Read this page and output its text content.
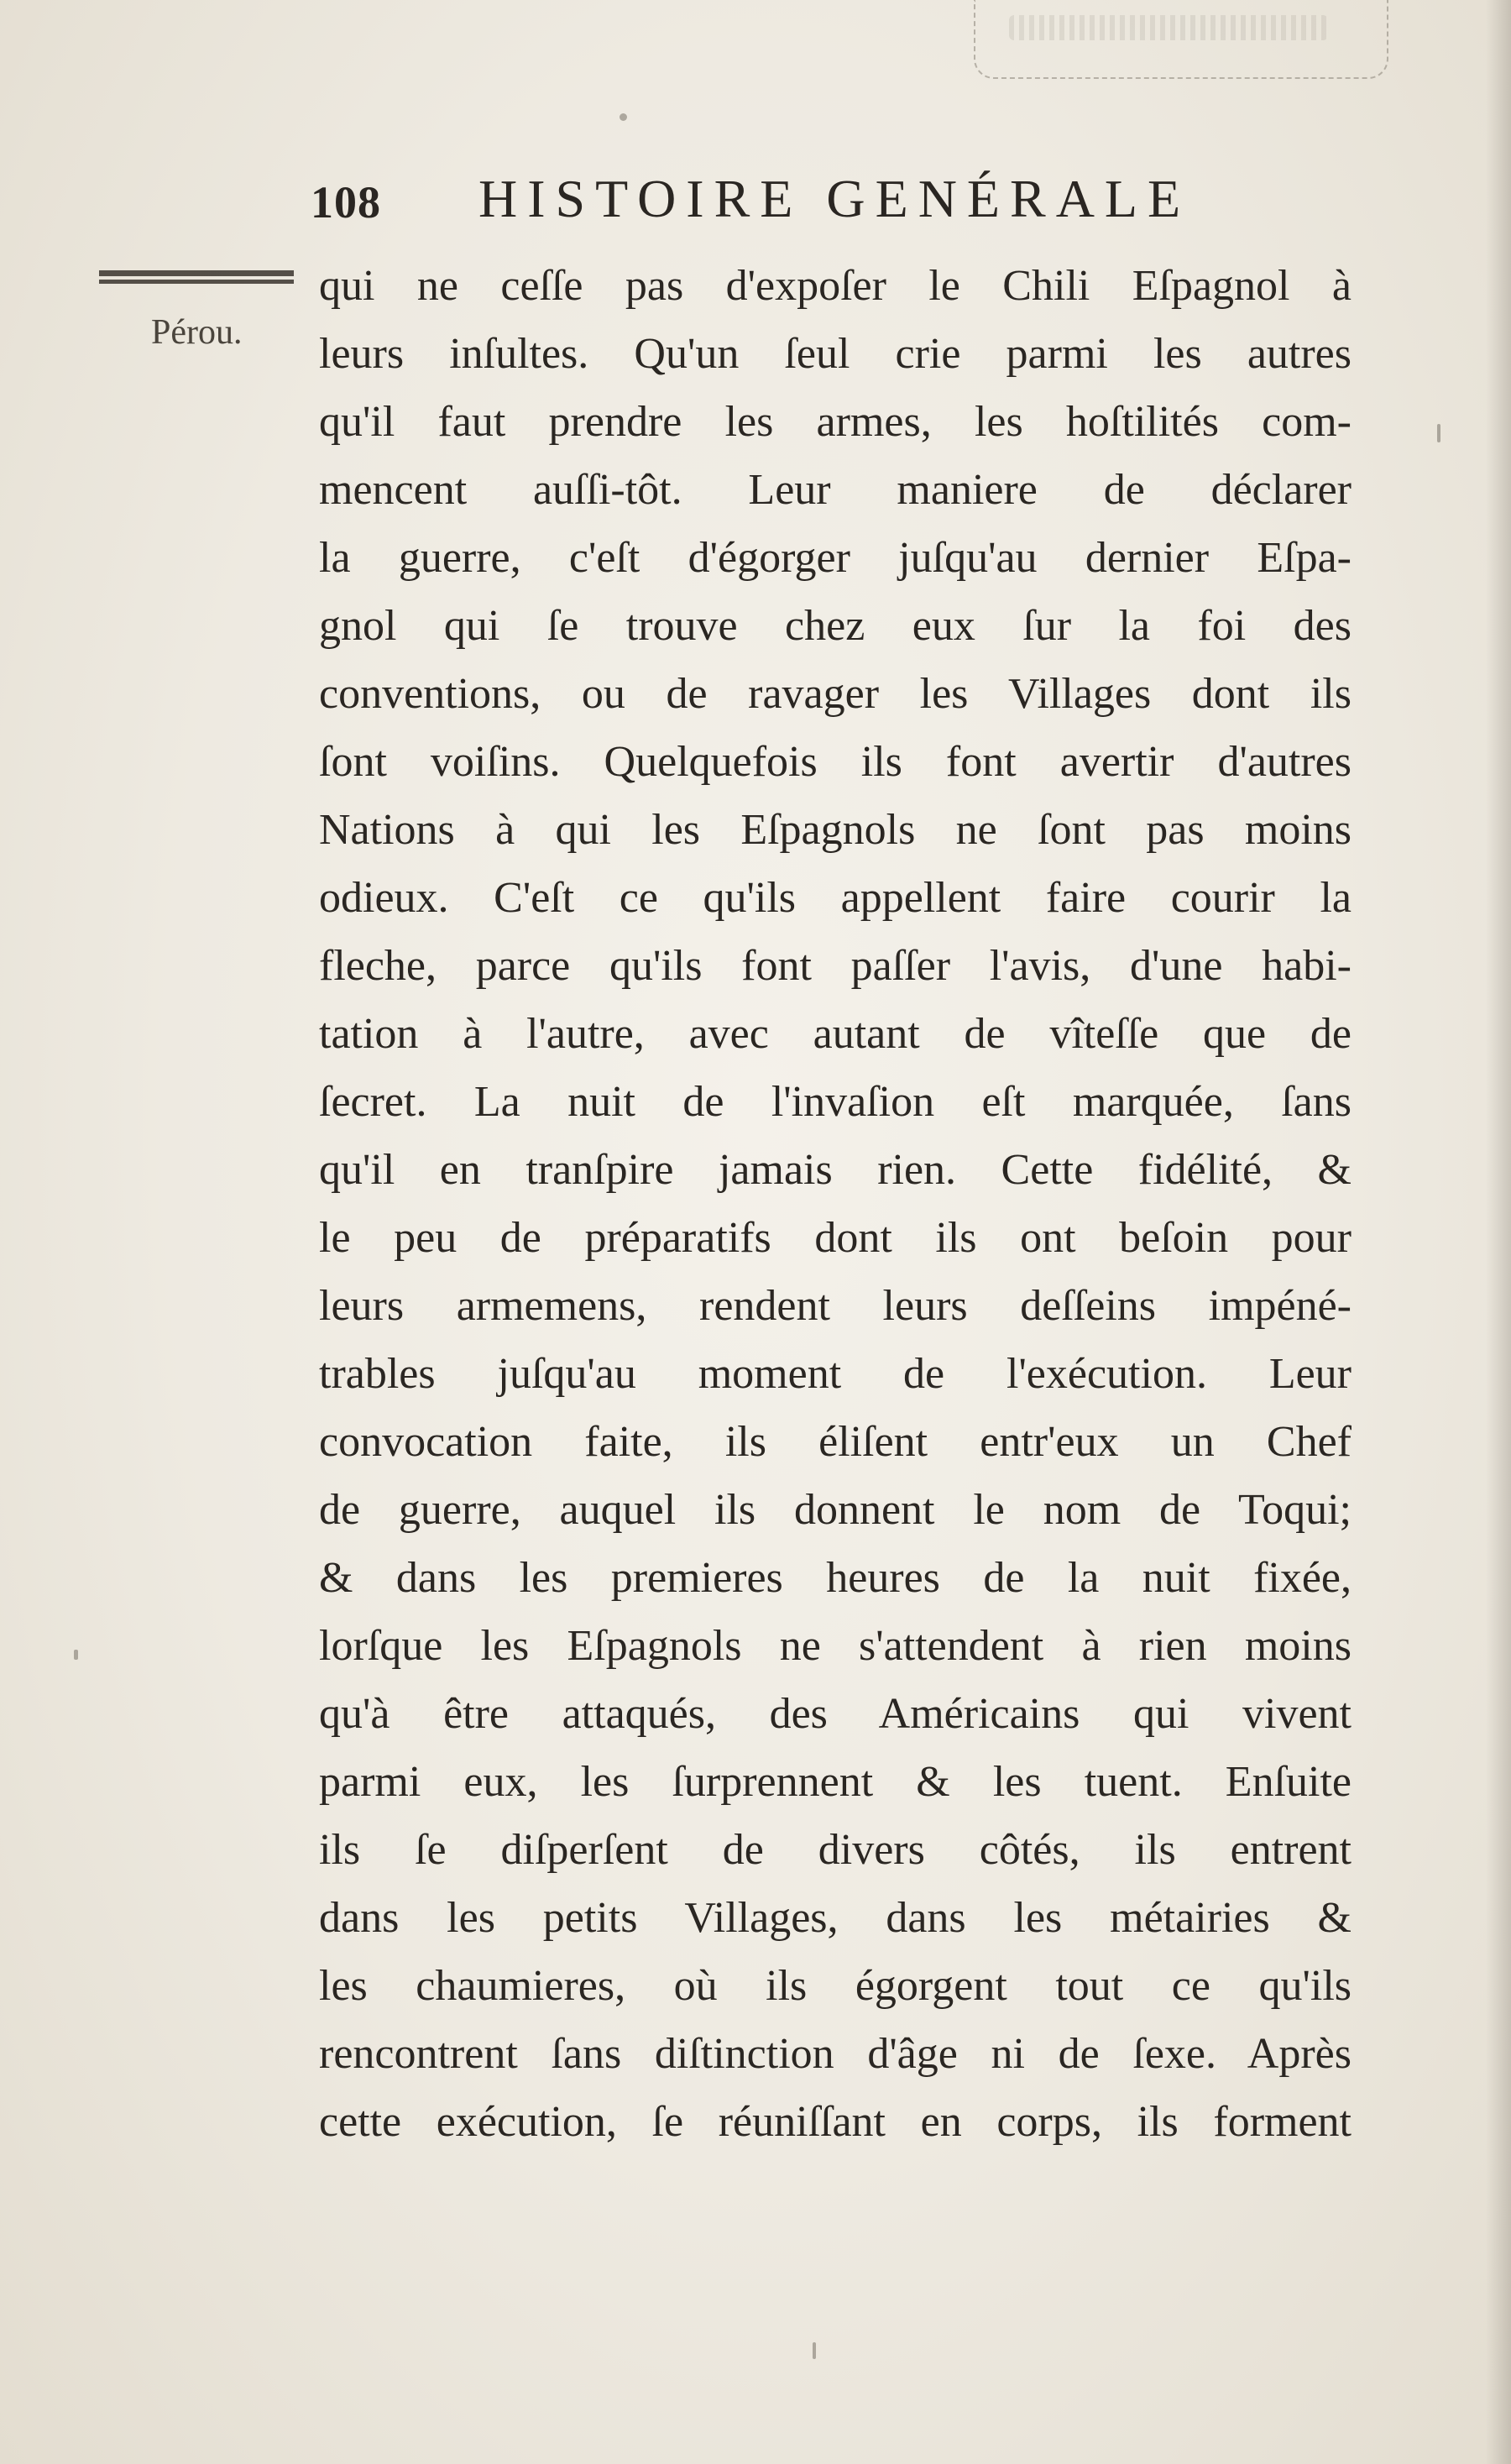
108 HISTOIRE GENÉRALE
Pérou.
qui ne ceſſe pas d'expoſer le Chili Eſpagnol à
leurs inſultes. Qu'un ſeul crie parmi les autres
qu'il faut prendre les armes, les hoſtilités com-
mencent auſſi-tôt. Leur maniere de déclarer
la guerre, c'eſt d'égorger juſqu'au dernier Eſpa-
gnol qui ſe trouve chez eux ſur la foi des
conventions, ou de ravager les Villages dont ils
ſont voiſins. Quelquefois ils font avertir d'autres
Nations à qui les Eſpagnols ne ſont pas moins
odieux. C'eſt ce qu'ils appellent faire courir la
fleche, parce qu'ils font paſſer l'avis, d'une habi-
tation à l'autre, avec autant de vîteſſe que de
ſecret. La nuit de l'invaſion eſt marquée, ſans
qu'il en tranſpire jamais rien. Cette fidélité, &
le peu de préparatifs dont ils ont beſoin pour
leurs armemens, rendent leurs deſſeins impéné-
trables juſqu'au moment de l'exécution. Leur
convocation faite, ils éliſent entr'eux un Chef
de guerre, auquel ils donnent le nom de Toqui;
& dans les premieres heures de la nuit fixée,
lorſque les Eſpagnols ne s'attendent à rien moins
qu'à être attaqués, des Américains qui vivent
parmi eux, les ſurprennent & les tuent. Enſuite
ils ſe diſperſent de divers côtés, ils entrent
dans les petits Villages, dans les métairies &
les chaumieres, où ils égorgent tout ce qu'ils
rencontrent ſans diſtinction d'âge ni de ſexe. Après
cette exécution, ſe réuniſſant en corps, ils forment
